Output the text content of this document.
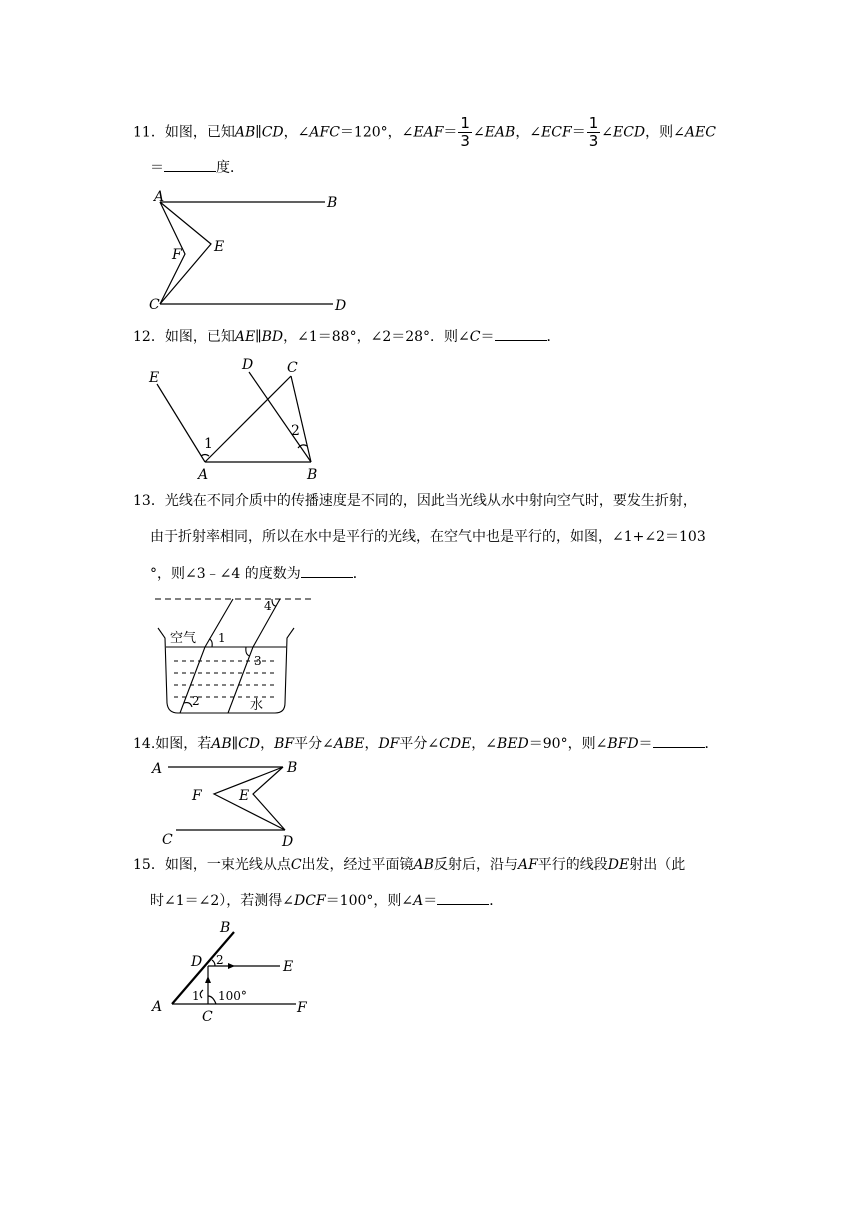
11．如图，已知AB∥CD，∠AFC＝120°，∠EAF＝ $\frac{1}{3}$ ∠EAB，∠ECF＝ $\frac{1}{3}$ ∠ECD，则∠AEC
＝	度．
A	B
C	D
E
F
12．如图，已知AE∥BD，∠1＝88°，∠2＝28°．则∠C＝	．
E
D C
A	B
1
2
13．光线在不同介质中的传播速度是不同的，因此当光线从水中射向空气时，要发生折射，
由于折射率相同，所以在水中是平行的光线，在空气中也是平行的，如图，∠1+∠2＝103
°，则∠3﹣∠4 的度数为	．
空气
水
1
2
3
4
14.如图，若AB∥CD，BF平分∠ABE，DF平分∠CDE，∠BED＝90°，则∠BFD＝	．
A	B
C	D
E
F
15．如图，一束光线从点C出发，经过平面镜AB反射后，沿与AF平行的线段DE射出（此
时∠1＝∠2），若测得∠DCF＝100°，则∠A＝	．
B
D	E
A
C
F
1
2
100°
